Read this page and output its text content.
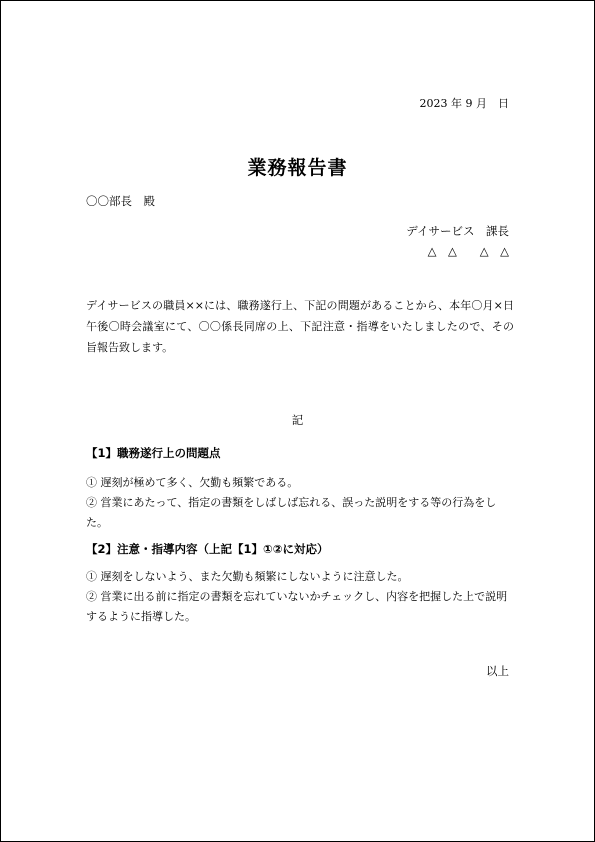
2023 年 9 月　日
業務報告書
〇〇部長　殿
デイサービス　課長
△　△　　△　△
デイサービスの職員××には、職務遂行上、下記の問題があることから、本年〇月×日午後〇時会議室にて、〇〇係長同席の上、下記注意・指導をいたしましたので、その旨報告致します。
記
【1】職務遂行上の問題点
① 遅刻が極めて多く、欠勤も頻繁である。
② 営業にあたって、指定の書類をしばしば忘れる、誤った説明をする等の行為をした。
【2】注意・指導内容（上記【1】①②に対応）
① 遅刻をしないよう、また欠勤も頻繁にしないように注意した。
② 営業に出る前に指定の書類を忘れていないかチェックし、内容を把握した上で説明するように指導した。
以上
